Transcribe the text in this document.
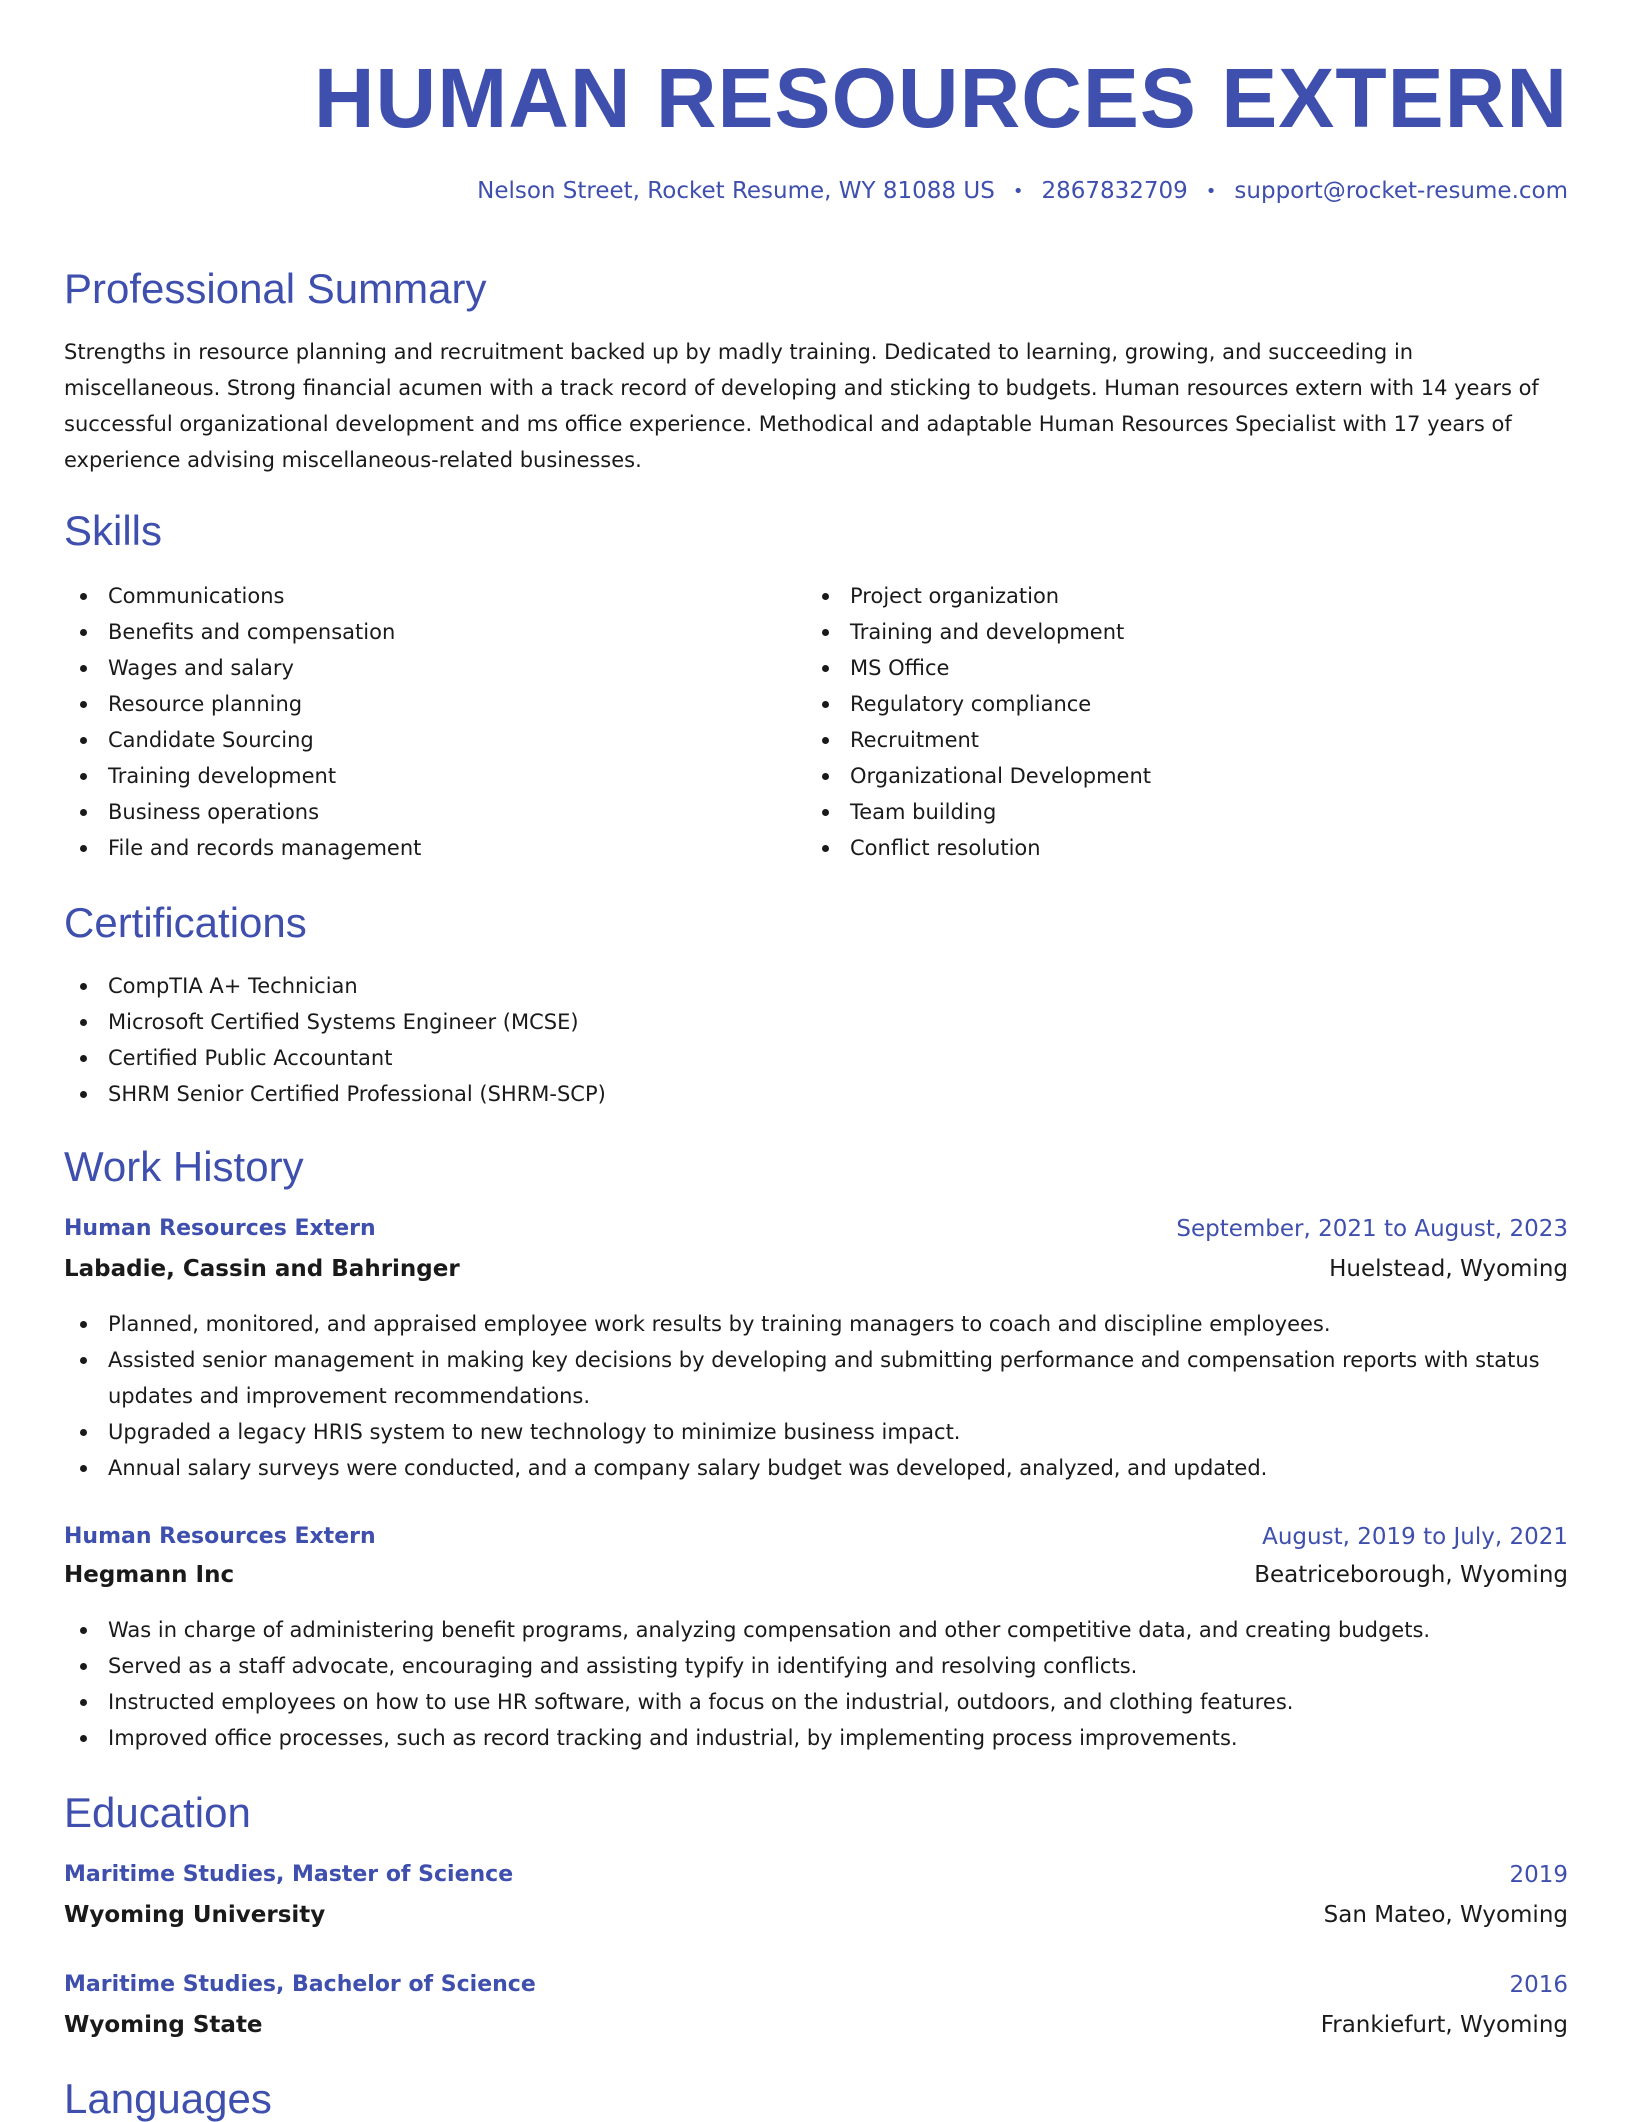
HUMAN RESOURCES EXTERN
Nelson Street, Rocket Resume, WY 81088 US • 2867832709 • support@rocket-resume.com
Professional Summary

Strengths in resource planning and recruitment backed up by madly training. Dedicated to learning, growing, and succeeding in miscellaneous. Strong financial acumen with a track record of developing and sticking to budgets. Human resources extern with 14 years of successful organizational development and ms office experience. Methodical and adaptable Human Resources Specialist with 17 years of experience advising miscellaneous-related businesses.

Skills
Communications
Benefits and compensation
Wages and salary
Resource planning
Candidate Sourcing
Training development
Business operations
File and records management
Project organization
Training and development
MS Office
Regulatory compliance
Recruitment
Organizational Development
Team building
Conflict resolution
Certifications
CompTIA A+ Technician
Microsoft Certified Systems Engineer (MCSE)
Certified Public Accountant
SHRM Senior Certified Professional (SHRM-SCP)
Work History
Human Resources Extern	September, 2021 to August, 2023
Labadie, Cassin and Bahringer	Huelstead, Wyoming
Planned, monitored, and appraised employee work results by training managers to coach and discipline employees.
Assisted senior management in making key decisions by developing and submitting performance and compensation reports with status updates and improvement recommendations.
Upgraded a legacy HRIS system to new technology to minimize business impact.
Annual salary surveys were conducted, and a company salary budget was developed, analyzed, and updated.
Human Resources Extern	August, 2019 to July, 2021
Hegmann Inc	Beatriceborough, Wyoming
Was in charge of administering benefit programs, analyzing compensation and other competitive data, and creating budgets.
Served as a staff advocate, encouraging and assisting typify in identifying and resolving conflicts.
Instructed employees on how to use HR software, with a focus on the industrial, outdoors, and clothing features.
Improved office processes, such as record tracking and industrial, by implementing process improvements.
Education
Maritime Studies, Master of Science	2019
Wyoming University	San Mateo, Wyoming
Maritime Studies, Bachelor of Science	2016
Wyoming State	Frankiefurt, Wyoming
Languages
